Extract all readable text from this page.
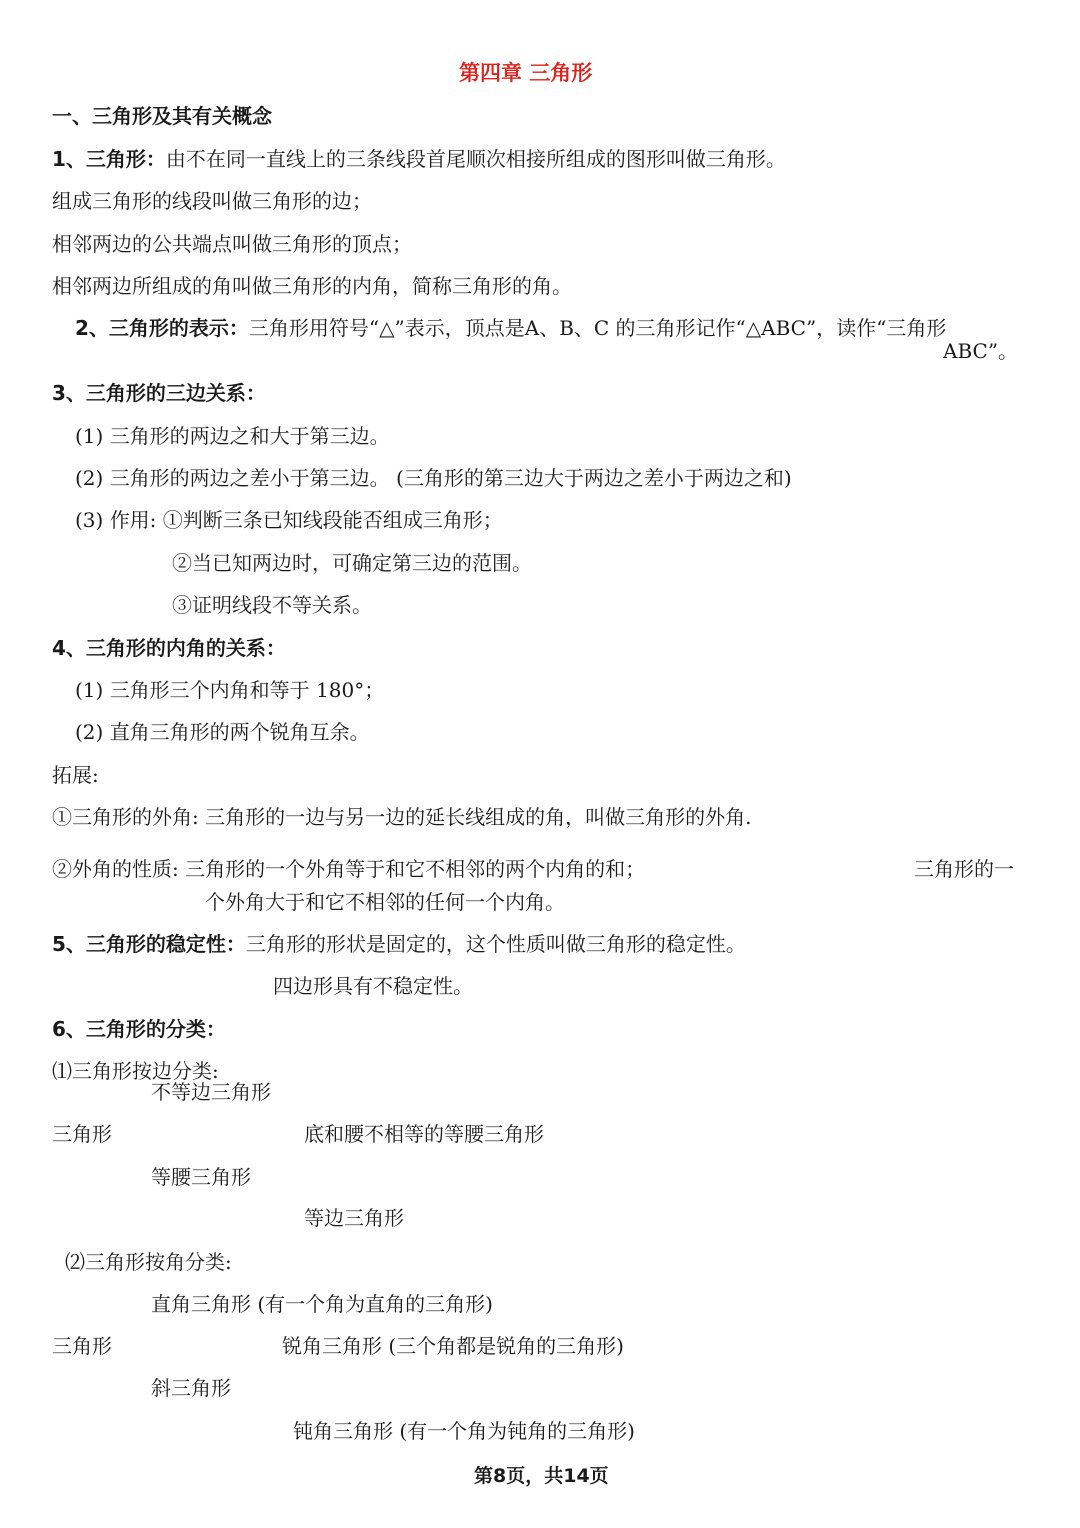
第四章 三角形
一、三角形及其有关概念
1、三角形：由不在同一直线上的三条线段首尾顺次相接所组成的图形叫做三角形。
组成三角形的线段叫做三角形的边；
相邻两边的公共端点叫做三角形的顶点；
相邻两边所组成的角叫做三角形的内角，简称三角形的角。
2、三角形的表示：三角形用符号“△”表示，顶点是A、B、C 的三角形记作“△ABC”，读作“三角形
ABC”。
3、三角形的三边关系：
(1) 三角形的两边之和大于第三边。
(2) 三角形的两边之差小于第三边。 (三角形的第三边大于两边之差小于两边之和)
(3) 作用: ①判断三条已知线段能否组成三角形；
②当已知两边时，可确定第三边的范围。
③证明线段不等关系。
4、三角形的内角的关系：
(1) 三角形三个内角和等于 180°；
(2) 直角三角形的两个锐角互余。
拓展:
①三角形的外角: 三角形的一边与另一边的延长线组成的角，叫做三角形的外角.
②外角的性质: 三角形的一个外角等于和它不相邻的两个内角的和；	三角形的一
个外角大于和它不相邻的任何一个内角。
5、三角形的稳定性：三角形的形状是固定的，这个性质叫做三角形的稳定性。
四边形具有不稳定性。
6、三角形的分类：
⑴三角形按边分类:
不等边三角形
三角形	底和腰不相等的等腰三角形
等腰三角形
等边三角形
⑵三角形按角分类:
直角三角形 (有一个角为直角的三角形)
三角形	锐角三角形 (三个角都是锐角的三角形)
斜三角形
钝角三角形 (有一个角为钝角的三角形)
第8页，共14页
